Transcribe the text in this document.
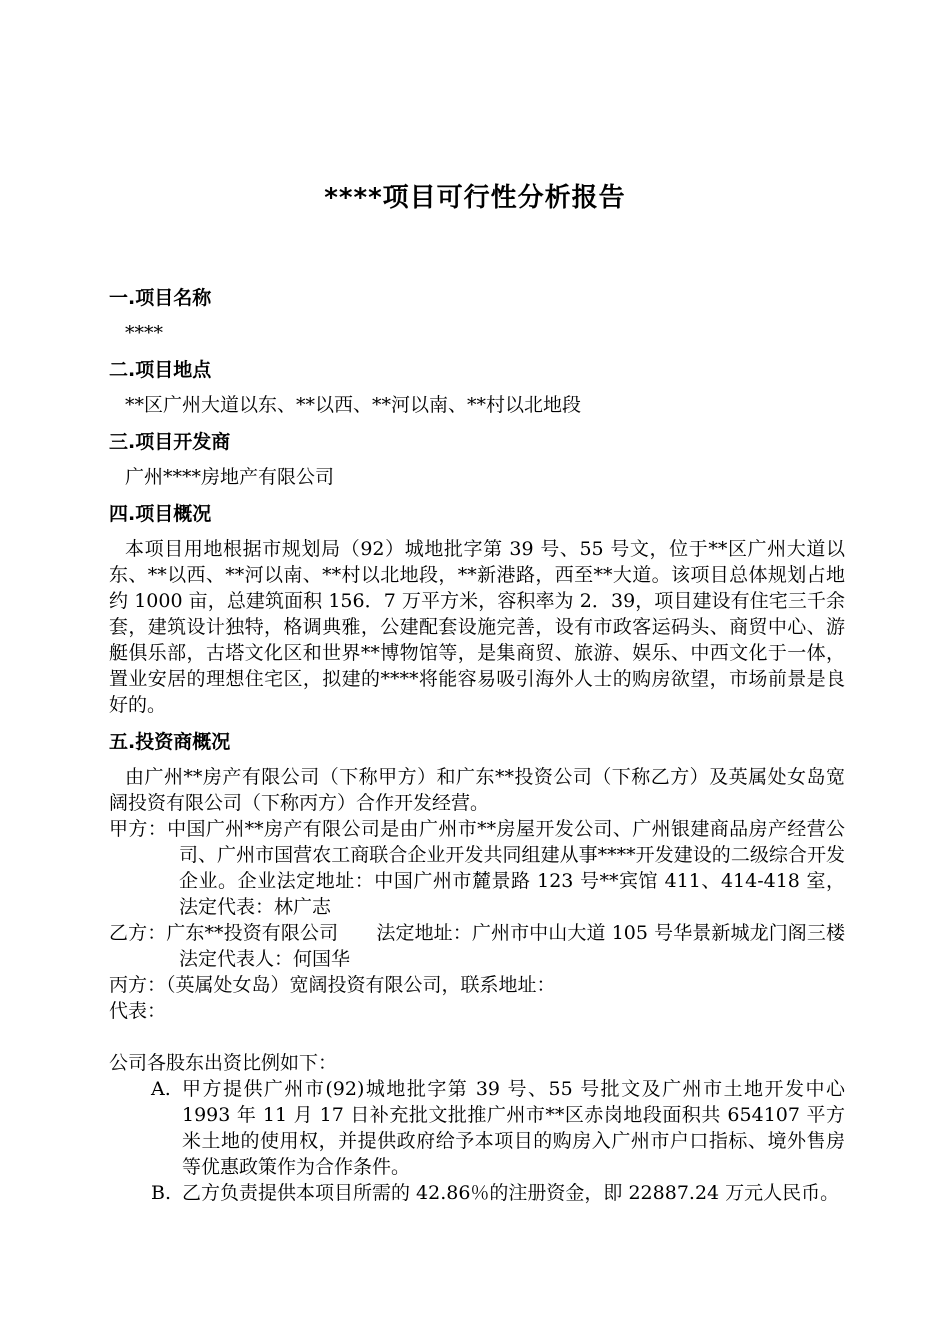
****项目可行性分析报告
一.项目名称
****
二.项目地点
**区广州大道以东、**以西、**河以南、**村以北地段
三.项目开发商
广州****房地产有限公司
四.项目概况

本项目用地根据市规划局（92）城地批字第 39 号、55 号文，位于**区广州大道以东、**以西、**河以南、**村以北地段，**新港路，西至**大道。该项目总体规划占地约 1000 亩，总建筑面积 156．7 万平方米，容积率为 2．39，项目建设有住宅三千余套，建筑设计独特，格调典雅，公建配套设施完善，设有市政客运码头、商贸中心、游艇俱乐部，古塔文化区和世界**博物馆等，是集商贸、旅游、娱乐、中西文化于一体，置业安居的理想住宅区，拟建的****将能容易吸引海外人士的购房欲望，市场前景是良好的。

五.投资商概况

由广州**房产有限公司（下称甲方）和广东**投资公司（下称乙方）及英属处女岛宽阔投资有限公司（下称丙方）合作开发经营。

甲方：中国广州**房产有限公司是由广州市**房屋开发公司、广州银建商品房产经营公司、广州市国营农工商联合企业开发共同组建从事****开发建设的二级综合开发企业。企业法定地址：中国广州市麓景路 123 号**宾馆 411、414-418 室，法定代表：林广志

乙方：广东**投资有限公司　　法定地址：广州市中山大道 105 号华景新城龙门阁三楼 法定代表人：何国华

丙方：（英属处女岛）宽阔投资有限公司，联系地址：

代表：

公司各股东出资比例如下：

A. 甲方提供广州市(92)城地批字第 39 号、55 号批文及广州市土地开发中心 1993 年 11 月 17 日补充批文批推广州市**区赤岗地段面积共 654107 平方米土地的使用权，并提供政府给予本项目的购房入广州市户口指标、境外售房等优惠政策作为合作条件。
B. 乙方负责提供本项目所需的 42.86％的注册资金，即 22887.24 万元人民币。
